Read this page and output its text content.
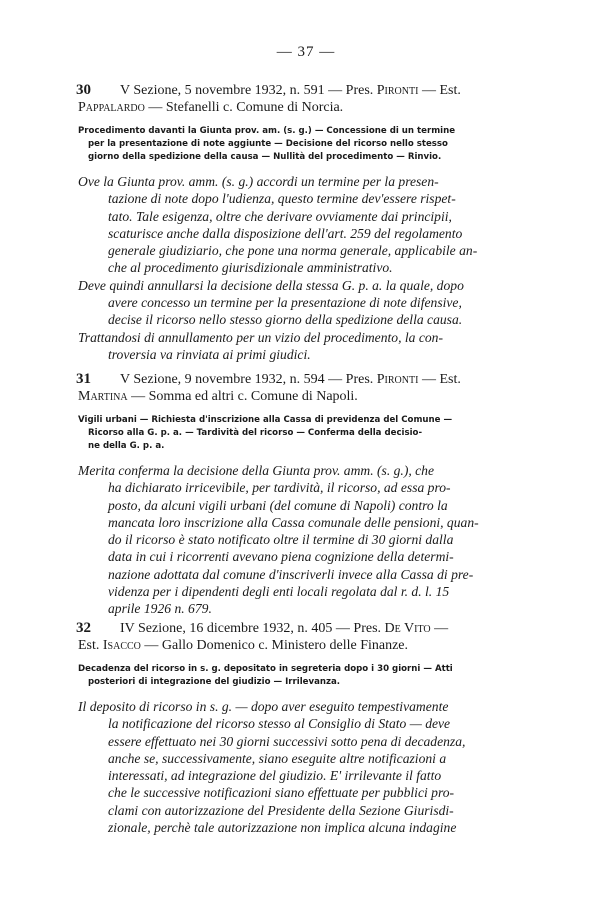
— 37 —
30	V Sezione, 5 novembre 1932, n. 591 — Pres. Pironti — Est.
Pappalardo — Stefanelli c. Comune di Norcia.
Procedimento davanti la Giunta prov. am. (s. g.) — Concessione di un termine
per la presentazione di note aggiunte — Decisione del ricorso nello stesso
giorno della spedizione della causa — Nullità del procedimento — Rinvio.
Ove la Giunta prov. amm. (s. g.) accordi un termine per la presen-
tazione di note dopo l'udienza, questo termine dev'essere rispet-
tato. Tale esigenza, oltre che derivare ovviamente dai principii,
scaturisce anche dalla disposizione dell'art. 259 del regolamento
generale giudiziario, che pone una norma generale, applicabile an-
che al procedimento giurisdizionale amministrativo.
Deve quindi annullarsi la decisione della stessa G. p. a. la quale, dopo
avere concesso un termine per la presentazione di note difensive,
decise il ricorso nello stesso giorno della spedizione della causa.
Trattandosi di annullamento per un vizio del procedimento, la con-
troversia va rinviata ai primi giudici.
31	V Sezione, 9 novembre 1932, n. 594 — Pres. Pironti — Est.
Martina — Somma ed altri c. Comune di Napoli.
Vigili urbani — Richiesta d'inscrizione alla Cassa di previdenza del Comune —
Ricorso alla G. p. a. — Tardività del ricorso — Conferma della decisio-
ne della G. p. a.
Merita conferma la decisione della Giunta prov. amm. (s. g.), che
ha dichiarato irricevibile, per tardività, il ricorso, ad essa pro-
posto, da alcuni vigili urbani (del comune di Napoli) contro la
mancata loro inscrizione alla Cassa comunale delle pensioni, quan-
do il ricorso è stato notificato oltre il termine di 30 giorni dalla
data in cui i ricorrenti avevano piena cognizione della determi-
nazione adottata dal comune d'inscriverli invece alla Cassa di pre-
videnza per i dipendenti degli enti locali regolata dal r. d. l. 15
aprile 1926 n. 679.
32	IV Sezione, 16 dicembre 1932, n. 405 — Pres. De Vito —
Est. Isacco — Gallo Domenico c. Ministero delle Finanze.
Decadenza del ricorso in s. g. depositato in segreteria dopo i 30 giorni — Atti
posteriori di integrazione del giudizio — Irrilevanza.
Il deposito di ricorso in s. g. — dopo aver eseguito tempestivamente
la notificazione del ricorso stesso al Consiglio di Stato — deve
essere effettuato nei 30 giorni successivi sotto pena di decadenza,
anche se, successivamente, siano eseguite altre notificazioni a
interessati, ad integrazione del giudizio. E' irrilevante il fatto
che le successive notificazioni siano effettuate per pubblici pro-
clami con autorizzazione del Presidente della Sezione Giurisdi-
zionale, perchè tale autorizzazione non implica alcuna indagine
